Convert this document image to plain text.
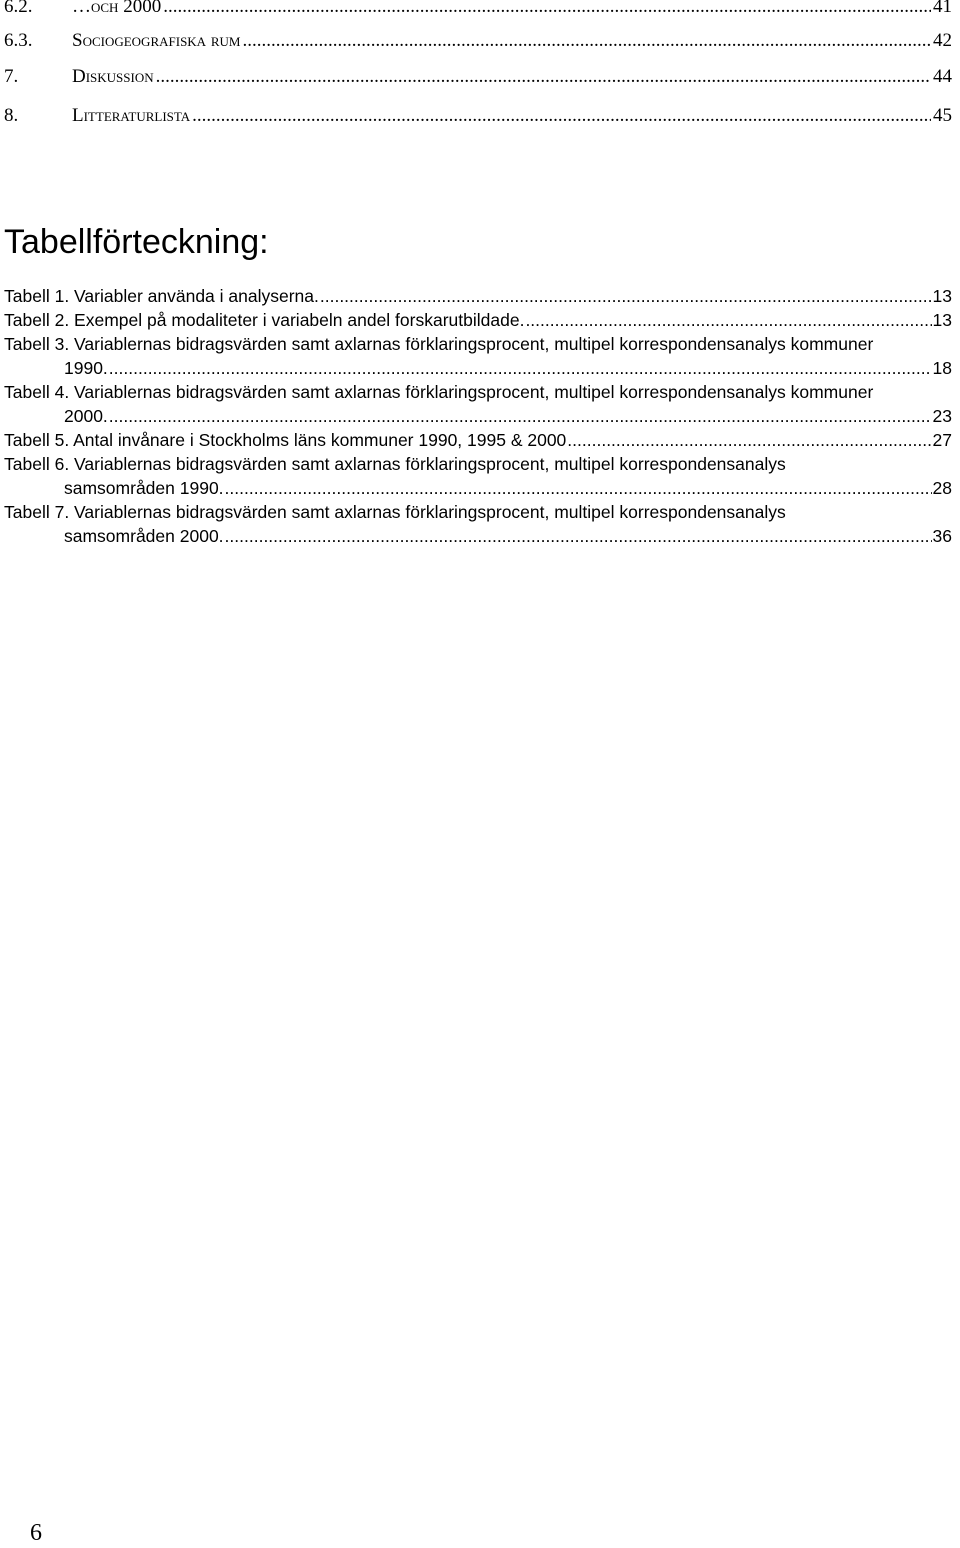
6.2.	…och 2000 .....	41
6.3.	Sociogeografiska rum .....	42
7.	Diskussion .....	44
8.	Litteraturlista .....	45
Tabellförteckning:
Tabell 1. Variabler använda i analyserna. .....	13
Tabell 2. Exempel på modaliteter i variabeln andel forskarutbildade. .....	13
Tabell 3. Variablernas bidragsvärden samt axlarnas förklaringsprocent, multipel korrespondensanalys kommuner
1990. .....	18
Tabell 4. Variablernas bidragsvärden samt axlarnas förklaringsprocent, multipel korrespondensanalys kommuner
2000. .....	23
Tabell 5. Antal invånare i Stockholms läns kommuner 1990, 1995 & 2000 .....	27
Tabell 6. Variablernas bidragsvärden samt axlarnas förklaringsprocent, multipel korrespondensanalys
samsområden 1990. .....	28
Tabell 7. Variablernas bidragsvärden samt axlarnas förklaringsprocent, multipel korrespondensanalys
samsområden 2000. .....	36
6
